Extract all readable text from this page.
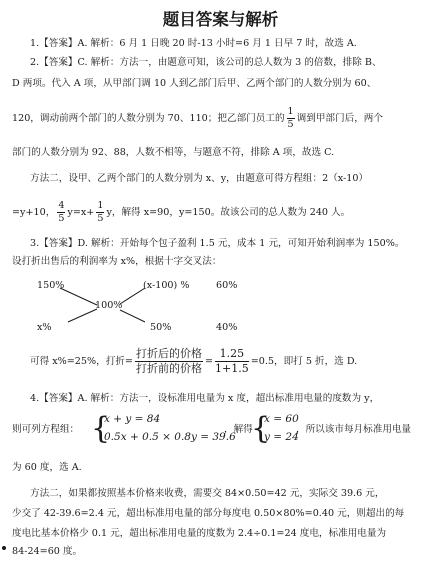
题目答案与解析
1.【答案】A. 解析：6 月 1 日晚 20 时-13 小时=6 月 1 日早 7 时，故选 A.
2.【答案】C. 解析：方法一，由题意可知，该公司的总人数为 3 的倍数，排除 B、
D 两项。代入 A 项，从甲部门调 10 人到乙部门后甲、乙两个部门的人数分别为 60、
120，调动前两个部门的人数分别为 70、110；把乙部门员工的 $\frac{1}{5}$ 调到甲部门后，两个
部门的人数分别为 92、88，人数不相等，与题意不符，排除 A 项，故选 C.
方法二，设甲、乙两个部门的人数分别为 x、y，由题意可得方程组：2（x-10）
=y+10， $\frac{4}{5} y=x+ \frac{1}{5}$ y，解得 x=90，y=150。故该公司的总人数为 240 人。
3.【答案】D. 解析：开始每个包子盈利 1.5 元，成本 1 元，可知开始利润率为 150%。
设打折出售后的利润率为 x%，根据十字交叉法：
150%	(x-100) %	60%
100%
x%	50%	40%
可得 x%=25%，打折= $\frac{\text{打折后的价格}}{\text{打折前的价格}} = \frac{1.25}{1+1.5} =0.5$，即打 5 折，选 D.
4.【答案】A. 解析：方法一，设标准用电量为 x 度，超出标准用电量的度数为 y，
则可列方程组： {
x + y = 84
0.5x + 0.5 × 0.8y = 39.6
，解得
{
x = 60
y = 24
，所以该市每月标准用电量
为 60 度，选 A.
方法二，如果都按照基本价格来收费，需要交 84×0.50=42 元，实际交 39.6 元，
少交了 42-39.6=2.4 元，超出标准用电量的部分每度电 0.50×80%=0.40 元，则超出的每
度电比基本价格少 0.1 元，超出标准用电量的度数为 2.4÷0.1=24 度电，标准用电量为
84-24=60 度。
